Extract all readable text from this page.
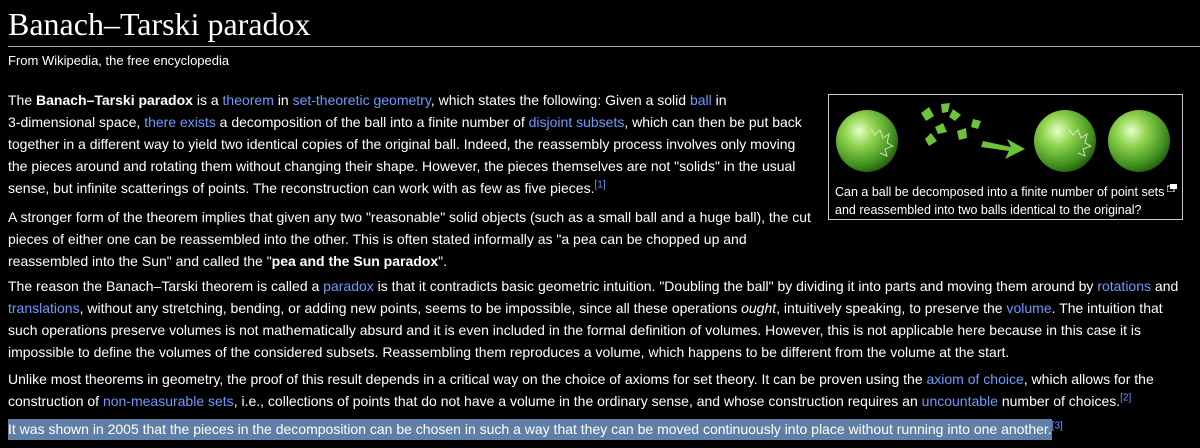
Banach–Tarski paradox
From Wikipedia, the free encyclopedia

The Banach–Tarski paradox is a theorem in set-theoretic geometry, which states the following: Given a solid ball in
3-dimensional space, there exists a decomposition of the ball into a finite number of disjoint subsets, which can then be put back
together in a different way to yield two identical copies of the original ball. Indeed, the reassembly process involves only moving
the pieces around and rotating them without changing their shape. However, the pieces themselves are not "solids" in the usual
sense, but infinite scatterings of points. The reconstruction can work with as few as five pieces.[1]

A stronger form of the theorem implies that given any two "reasonable" solid objects (such as a small ball and a huge ball), the cut
pieces of either one can be reassembled into the other. This is often stated informally as "a pea can be chopped up and
reassembled into the Sun" and called the "pea and the Sun paradox".

The reason the Banach–Tarski theorem is called a paradox is that it contradicts basic geometric intuition. "Doubling the ball" by dividing it into parts and moving them around by rotations and
translations, without any stretching, bending, or adding new points, seems to be impossible, since all these operations ought, intuitively speaking, to preserve the volume. The intuition that
such operations preserve volumes is not mathematically absurd and it is even included in the formal definition of volumes. However, this is not applicable here because in this case it is
impossible to define the volumes of the considered subsets. Reassembling them reproduces a volume, which happens to be different from the volume at the start.

Unlike most theorems in geometry, the proof of this result depends in a critical way on the choice of axioms for set theory. It can be proven using the axiom of choice, which allows for the
construction of non-measurable sets, i.e., collections of points that do not have a volume in the ordinary sense, and whose construction requires an uncountable number of choices.[2]

It was shown in 2005 that the pieces in the decomposition can be chosen in such a way that they can be moved continuously into place without running into one another.[3]

Can a ball be decomposed into a finite number of point sets
and reassembled into two balls identical to the original?
